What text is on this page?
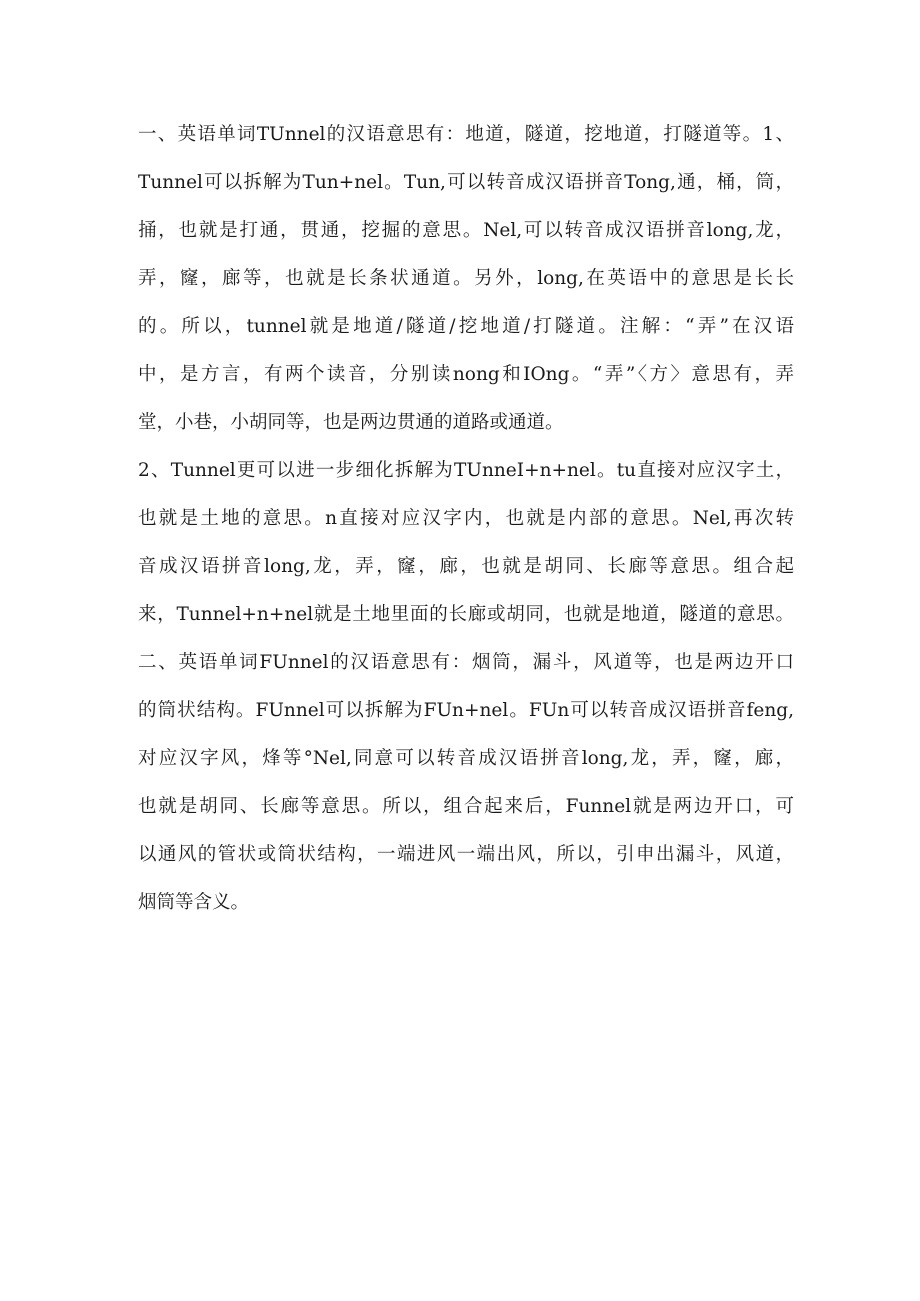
一、英语单词TUnnel的汉语意思有：地道，隧道，挖地道，打隧道等。1、
Tunnel可以拆解为Tun+nel。Tun,可以转音成汉语拼音Tong,通，桶，筒，
捅，也就是打通，贯通，挖掘的意思。Nel,可以转音成汉语拼音long,龙，
弄，窿，廊等，也就是长条状通道。另外，long,在英语中的意思是长长
的。所以，tunnel就是地道/隧道/挖地道/打隧道。注解：“弄”在汉语
中，是方言，有两个读音，分别读nong和IOng。“弄”〈方〉意思有，弄
堂，小巷，小胡同等，也是两边贯通的道路或通道。
2、Tunnel更可以进一步细化拆解为TUnneI+n+nel。tu直接对应汉字土，
也就是土地的意思。n直接对应汉字内，也就是内部的意思。Nel,再次转
音成汉语拼音long,龙，弄，窿，廊，也就是胡同、长廊等意思。组合起
来，Tunnel+n+nel就是土地里面的长廊或胡同，也就是地道，隧道的意思。
二、英语单词FUnnel的汉语意思有：烟筒，漏斗，风道等，也是两边开口
的筒状结构。FUnnel可以拆解为FUn+nel。FUn可以转音成汉语拼音feng,
对应汉字风，烽等°Nel,同意可以转音成汉语拼音long,龙，弄，窿，廊，
也就是胡同、长廊等意思。所以，组合起来后，Funnel就是两边开口，可
以通风的管状或筒状结构，一端进风一端出风，所以，引申出漏斗，风道，
烟筒等含义。
